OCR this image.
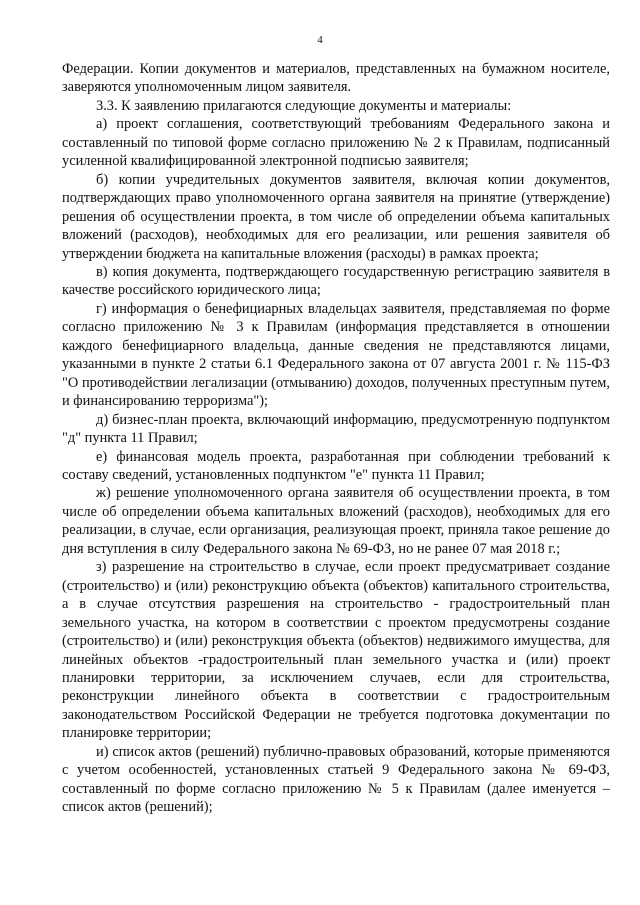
4

Федерации. Копии документов и материалов, представленных на бумажном носителе, заверяются уполномоченным лицом заявителя.

3.3. К заявлению прилагаются следующие документы и материалы:

а) проект соглашения, соответствующий требованиям Федерального закона и составленный по типовой форме согласно приложению № 2 к Правилам, подписанный усиленной квалифицированной электронной подписью заявителя;

б) копии учредительных документов заявителя, включая копии документов, подтверждающих право уполномоченного органа заявителя на принятие (утверждение) решения об осуществлении проекта, в том числе об определении объема капитальных вложений (расходов), необходимых для его реализации, или решения заявителя об утверждении бюджета на капитальные вложения (расходы) в рамках проекта;

в) копия документа, подтверждающего государственную регистрацию заявителя в качестве российского юридического лица;

г) информация о бенефициарных владельцах заявителя, представляемая по форме согласно приложению № 3 к Правилам (информация представляется в отношении каждого бенефициарного владельца, данные сведения не представляются лицами, указанными в пункте 2 статьи 6.1 Федерального закона от 07 августа 2001 г. № 115-ФЗ "О противодействии легализации (отмыванию) доходов, полученных преступным путем, и финансированию терроризма");

д) бизнес-план проекта, включающий информацию, предусмотренную подпунктом "д" пункта 11 Правил;

е) финансовая модель проекта, разработанная при соблюдении требований к составу сведений, установленных подпунктом "е" пункта 11 Правил;

ж) решение уполномоченного органа заявителя об осуществлении проекта, в том числе об определении объема капитальных вложений (расходов), необходимых для его реализации, в случае, если организация, реализующая проект, приняла такое решение до дня вступления в силу Федерального закона № 69-ФЗ, но не ранее 07 мая 2018 г.;

з) разрешение на строительство в случае, если проект предусматривает создание (строительство) и (или) реконструкцию объекта (объектов) капитального строительства, а в случае отсутствия разрешения на строительство - градостроительный план земельного участка, на котором в соответствии с проектом предусмотрены создание (строительство) и (или) реконструкция объекта (объектов) недвижимого имущества, для линейных объектов -градостроительный план земельного участка и (или) проект планировки территории, за исключением случаев, если для строительства, реконструкции линейного объекта в соответствии с градостроительным законодательством Российской Федерации не требуется подготовка документации по планировке территории;

и) список актов (решений) публично-правовых образований, которые применяются с учетом особенностей, установленных статьей 9 Федерального закона № 69-ФЗ, составленный по форме согласно приложению № 5 к Правилам (далее именуется – список актов (решений);
